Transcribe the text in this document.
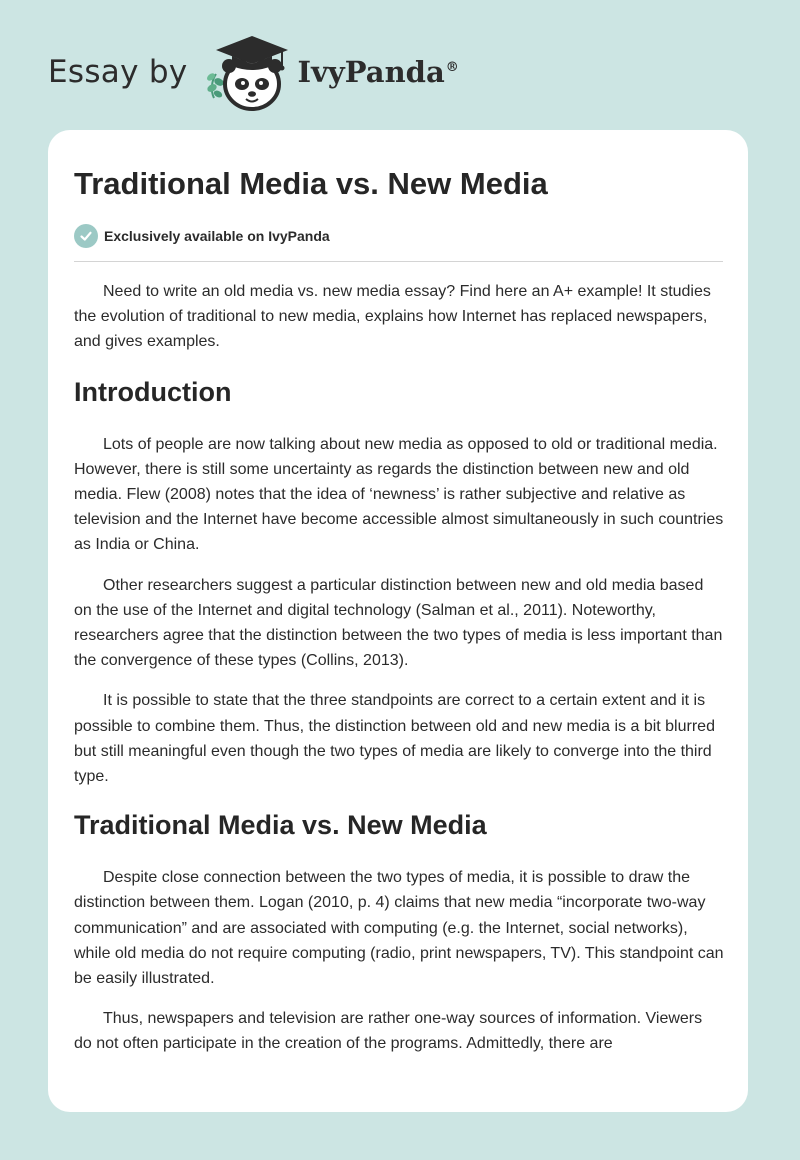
Essay by	IvyPanda®
Traditional Media vs. New Media
Exclusively available on IvyPanda

Need to write an old media vs. new media essay? Find here an A+ example! It studies the evolution of traditional to new media, explains how Internet has replaced newspapers, and gives examples.

Introduction

Lots of people are now talking about new media as opposed to old or traditional media. However, there is still some uncertainty as regards the distinction between new and old media. Flew (2008) notes that the idea of ‘newness’ is rather subjective and relative as television and the Internet have become accessible almost simultaneously in such countries as India or China.

Other researchers suggest a particular distinction between new and old media based on the use of the Internet and digital technology (Salman et al., 2011). Noteworthy, researchers agree that the distinction between the two types of media is less important than the convergence of these types (Collins, 2013).

It is possible to state that the three standpoints are correct to a certain extent and it is possible to combine them. Thus, the distinction between old and new media is a bit blurred but still meaningful even though the two types of media are likely to converge into the third type.

Traditional Media vs. New Media

Despite close connection between the two types of media, it is possible to draw the distinction between them. Logan (2010, p. 4) claims that new media “incorporate two-way communication” and are associated with computing (e.g. the Internet, social networks), while old media do not require computing (radio, print newspapers, TV). This standpoint can be easily illustrated.

Thus, newspapers and television are rather one-way sources of information. Viewers do not often participate in the creation of the programs. Admittedly, there are
